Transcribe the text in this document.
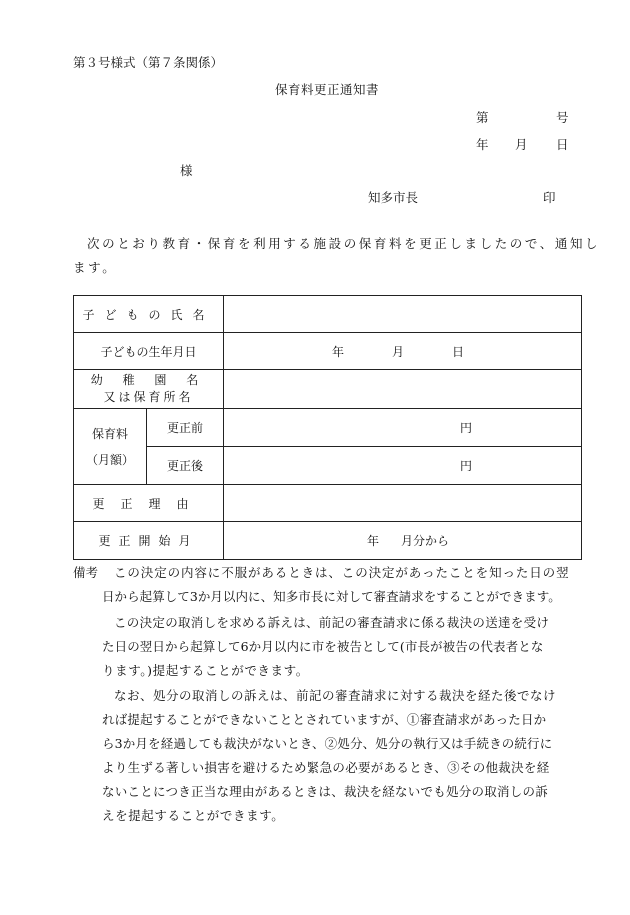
第３号様式（第７条関係）
保育料更正通知書
第	号
年 月 日
様
知多市長	印
次のとおり教育・保育を利用する施設の保育料を更正しましたので、通知し
ます。
子どもの氏名		
子どもの生年月日		年 月 日

幼 稚 園 名
又は保育所名		

保育料
（月額）	更正前	円
	更正後	円
更正理由		
更正開始月		年 月分から
備考 この決定の内容に不服があるときは、この決定があったことを知った日の翌
日から起算して3か月以内に、知多市長に対して審査請求をすることができます。
この決定の取消しを求める訴えは、前記の審査請求に係る裁決の送達を受け
た日の翌日から起算して6か月以内に市を被告として(市長が被告の代表者とな
ります。)提起することができます。
なお、処分の取消しの訴えは、前記の審査請求に対する裁決を経た後でなけ
れば提起することができないこととされていますが、①審査請求があった日か
ら3か月を経過しても裁決がないとき、②処分、処分の執行又は手続きの続行に
より生ずる著しい損害を避けるため緊急の必要があるとき、③その他裁決を経
ないことにつき正当な理由があるときは、裁決を経ないでも処分の取消しの訴
えを提起することができます。
